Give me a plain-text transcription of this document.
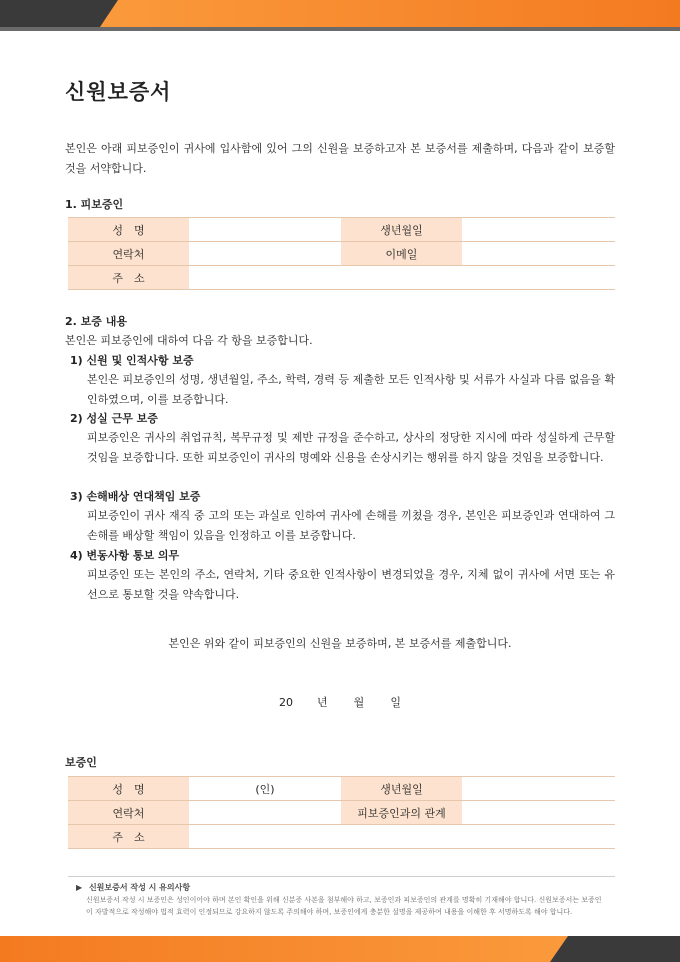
신원보증서
본인은 아래 피보증인이 귀사에 입사함에 있어 그의 신원을 보증하고자 본 보증서를 제출하며, 다음과 같이 보증할 것을 서약합니다.
1. 피보증인
성　명		생년월일	
연락처		이메일	
주　소			
2. 보증 내용
본인은 피보증인에 대하여 다음 각 항을 보증합니다.
1) 신원 및 인적사항 보증
본인은 피보증인의 성명, 생년월일, 주소, 학력, 경력 등 제출한 모든 인적사항 및 서류가 사실과 다름 없음을 확인하였으며, 이를 보증합니다.
2) 성실 근무 보증
피보증인은 귀사의 취업규칙, 복무규정 및 제반 규정을 준수하고, 상사의 정당한 지시에 따라 성실하게 근무할 것임을 보증합니다. 또한 피보증인이 귀사의 명예와 신용을 손상시키는 행위를 하지 않을 것임을 보증합니다.
3) 손해배상 연대책임 보증
피보증인이 귀사 재직 중 고의 또는 과실로 인하여 귀사에 손해를 끼쳤을 경우, 본인은 피보증인과 연대하여 그 손해를 배상할 책임이 있음을 인정하고 이를 보증합니다.
4) 변동사항 통보 의무
피보증인 또는 본인의 주소, 연락처, 기타 중요한 인적사항이 변경되었을 경우, 지체 없이 귀사에 서면 또는 유선으로 통보할 것을 약속합니다.
본인은 위와 같이 피보증인의 신원을 보증하며, 본 보증서를 제출합니다.
20 년 월 일
보증인
성　명	(인)	생년월일	
연락처		피보증인과의 관계	
주　소			
▶ 신원보증서 작성 시 유의사항
신원보증서 작성 시 보증인은 성인이어야 하며 본인 확인을 위해 신분증 사본을 첨부해야 하고, 보증인과 피보증인의 관계를 명확히 기재해야 합니다. 신원보증서는 보증인이 자발적으로 작성해야 법적 효력이 인정되므로 강요하지 않도록 주의해야 하며, 보증인에게 충분한 설명을 제공하여 내용을 이해한 후 서명하도록 해야 합니다.
